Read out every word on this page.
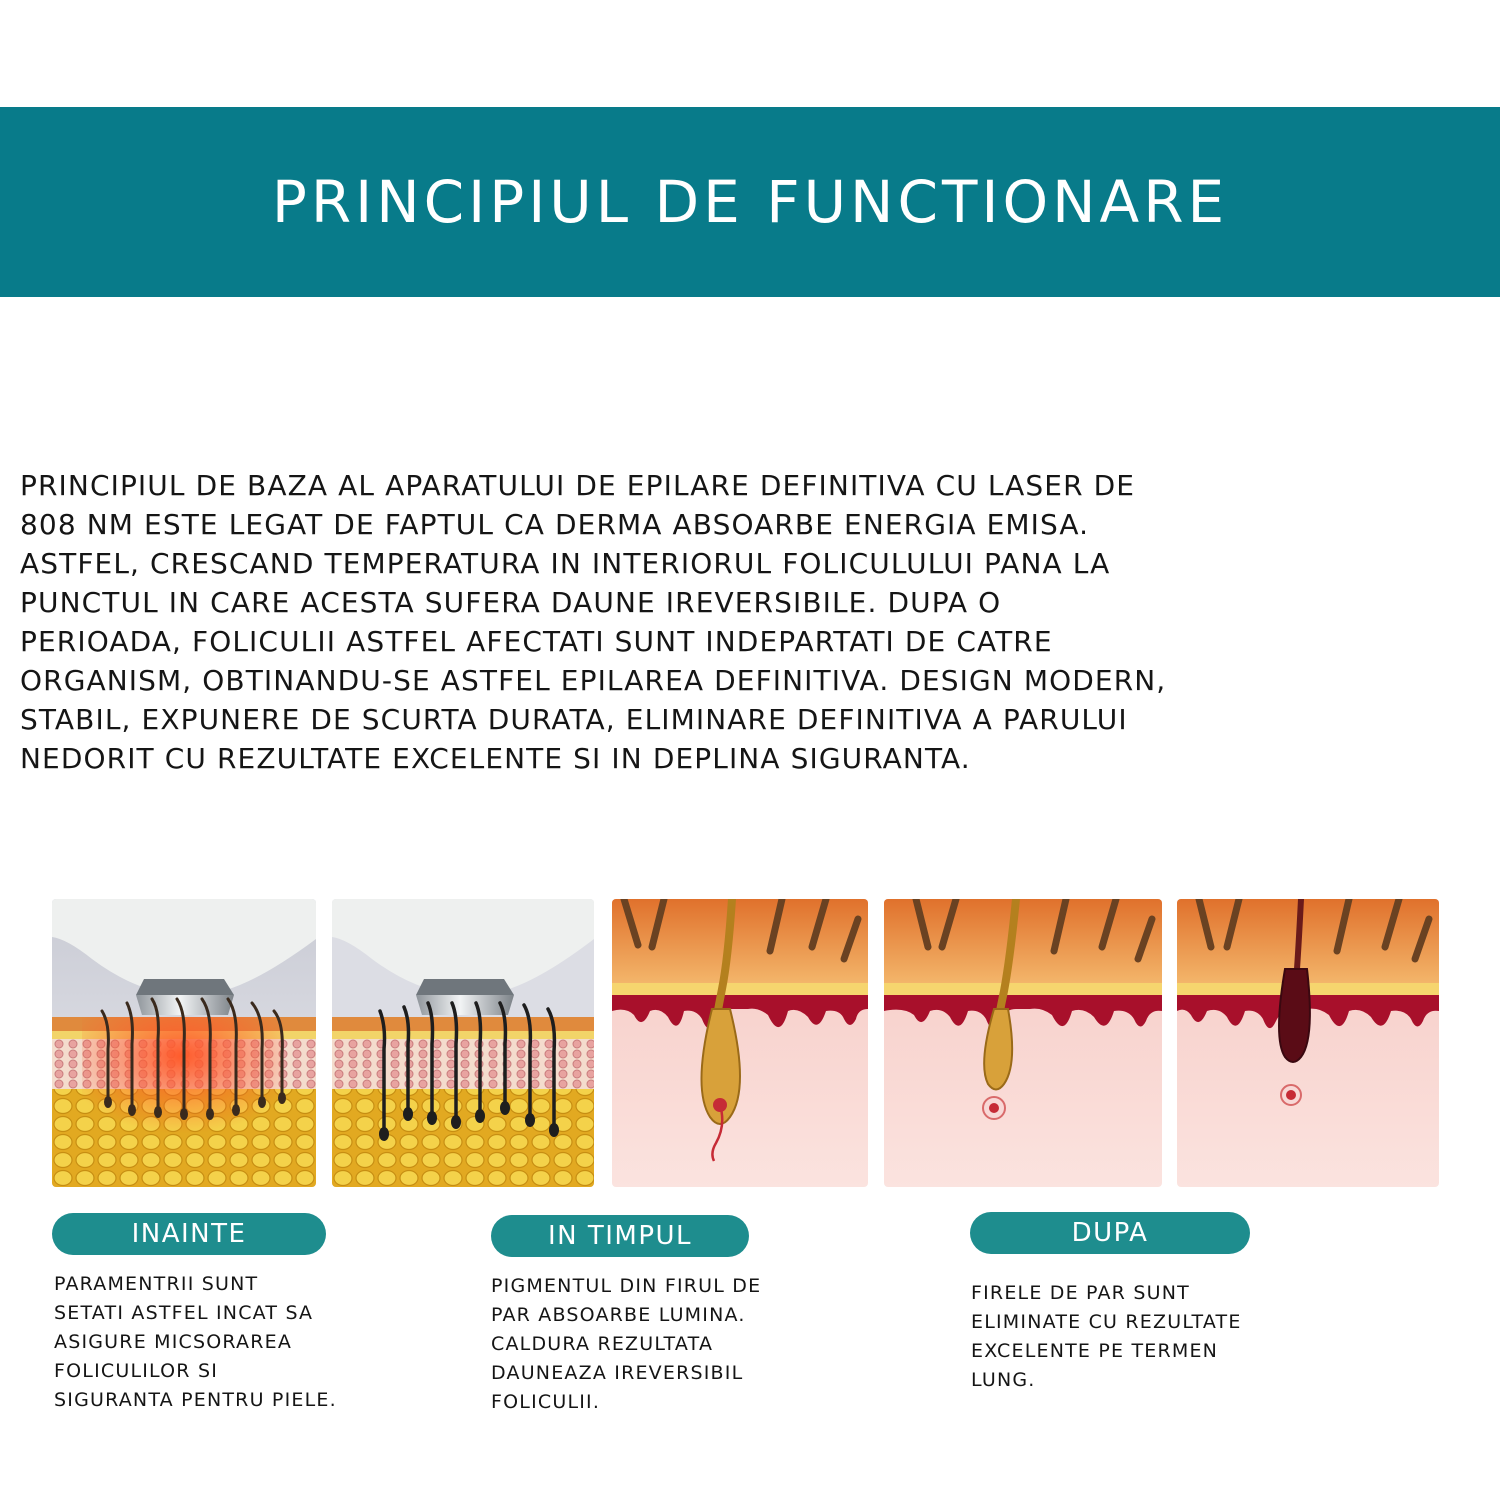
PRINCIPIUL DE FUNCTIONARE
PRINCIPIUL DE BAZA AL APARATULUI DE EPILARE DEFINITIVA CU LASER DE
808 NM ESTE LEGAT DE FAPTUL CA DERMA ABSOARBE ENERGIA EMISA.
ASTFEL, CRESCAND TEMPERATURA IN INTERIORUL FOLICULULUI PANA LA
PUNCTUL IN CARE ACESTA SUFERA DAUNE IREVERSIBILE. DUPA O
PERIOADA, FOLICULII ASTFEL AFECTATI SUNT INDEPARTATI DE CATRE
ORGANISM, OBTINANDU-SE ASTFEL EPILAREA DEFINITIVA. DESIGN MODERN,
STABIL, EXPUNERE DE SCURTA DURATA, ELIMINARE DEFINITIVA A PARULUI
NEDORIT CU REZULTATE EXCELENTE SI IN DEPLINA SIGURANTA.
INAINTE	IN TIMPUL	DUPA
PARAMENTRII SUNT
SETATI ASTFEL INCAT SA
ASIGURE MICSORAREA
FOLICULILOR SI
SIGURANTA PENTRU PIELE.
PIGMENTUL DIN FIRUL DE
PAR ABSOARBE LUMINA.
CALDURA REZULTATA
DAUNEAZA IREVERSIBIL
FOLICULII.
FIRELE DE PAR SUNT
ELIMINATE CU REZULTATE
EXCELENTE PE TERMEN
LUNG.
